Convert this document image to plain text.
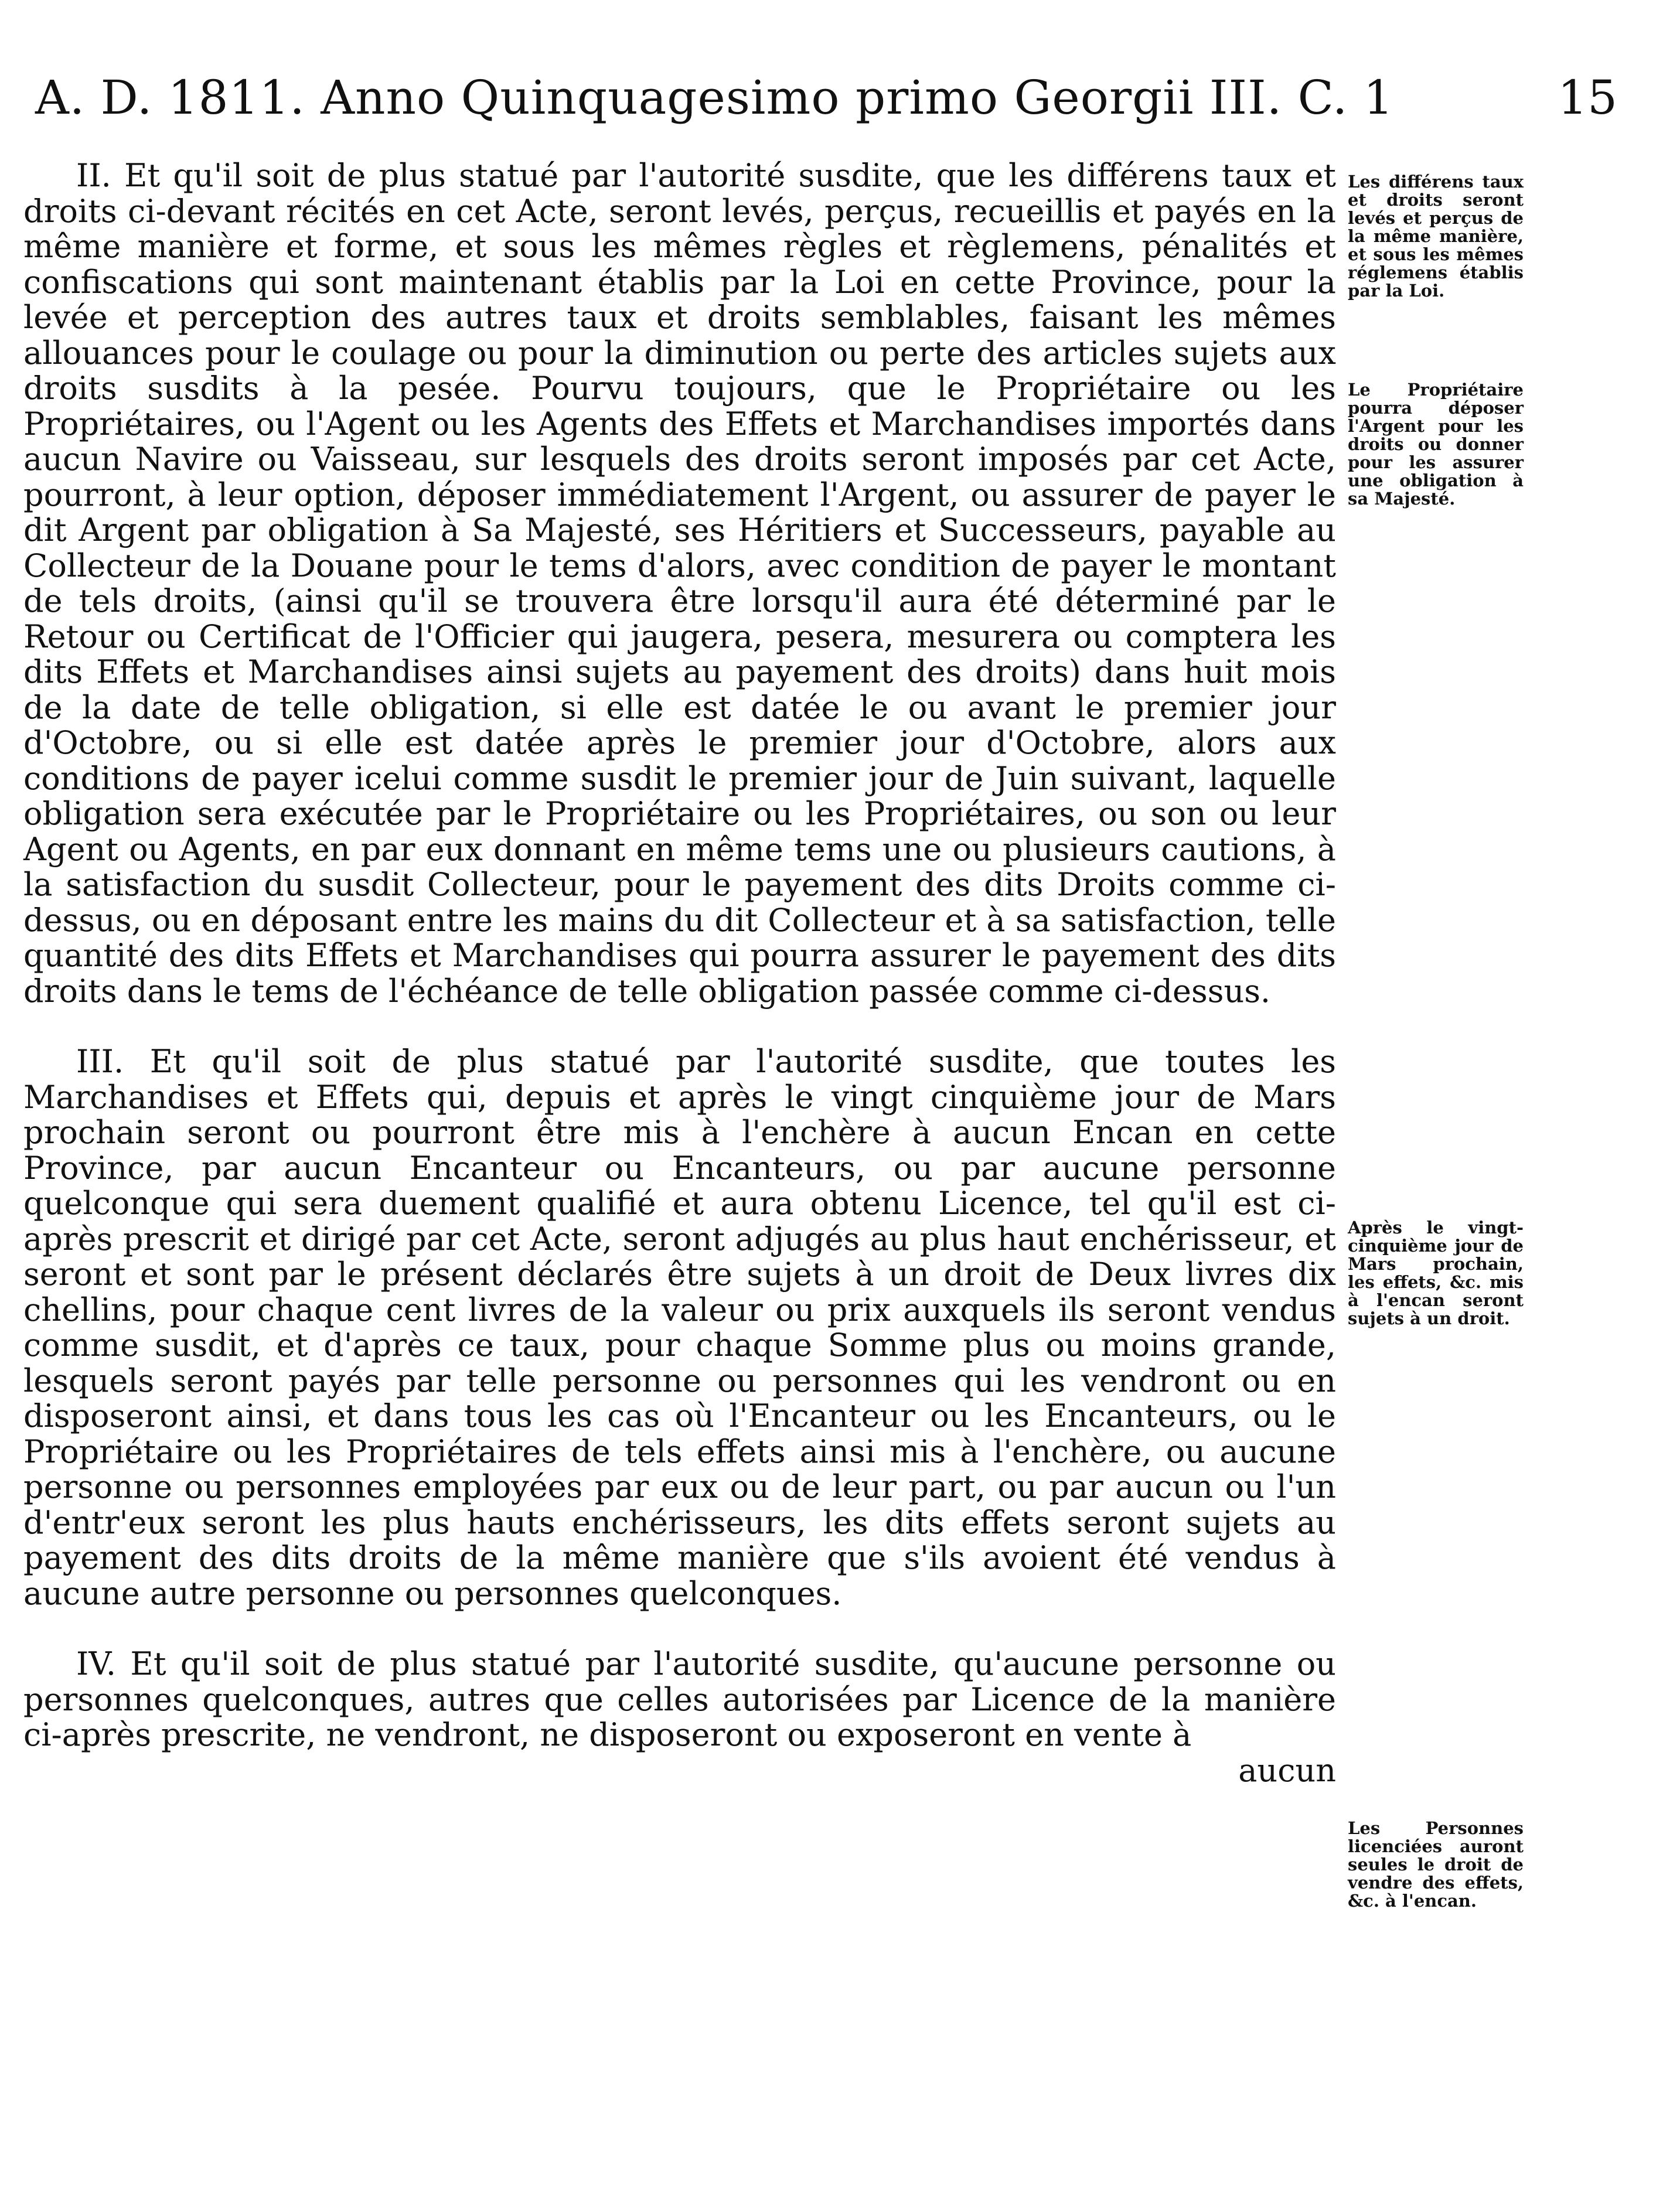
A. D. 1811. Anno Quinquagesimo primo Georgii III. C. 1	15

II. Et qu'il soit de plus statué par l'autorité susdite, que les différens taux et droits ci-devant récités en cet Acte, seront levés, perçus, recueillis et payés en la même manière et forme, et sous les mêmes règles et règlemens, pénalités et confiscations qui sont maintenant établis par la Loi en cette Province, pour la levée et perception des autres taux et droits semblables, faisant les mêmes allouances pour le coulage ou pour la diminution ou perte des articles sujets aux droits susdits à la pesée. Pourvu toujours, que le Propriétaire ou les Propriétaires, ou l'Agent ou les Agents des Effets et Marchandises importés dans aucun Navire ou Vaisseau, sur lesquels des droits seront imposés par cet Acte, pourront, à leur option, déposer immédiatement l'Argent, ou assurer de payer le dit Argent par obligation à Sa Majesté, ses Héritiers et Successeurs, payable au Collecteur de la Douane pour le tems d'alors, avec condition de payer le montant de tels droits, (ainsi qu'il se trouvera être lorsqu'il aura été déterminé par le Retour ou Certificat de l'Officier qui jaugera, pesera, mesurera ou comptera les dits Effets et Marchandises ainsi sujets au payement des droits) dans huit mois de la date de telle obligation, si elle est datée le ou avant le premier jour d'Octobre, ou si elle est datée après le premier jour d'Octobre, alors aux conditions de payer icelui comme susdit le premier jour de Juin suivant, laquelle obligation sera exécutée par le Propriétaire ou les Propriétaires, ou son ou leur Agent ou Agents, en par eux donnant en même tems une ou plusieurs cautions, à la satisfaction du susdit Collecteur, pour le payement des dits Droits comme ci-dessus, ou en déposant entre les mains du dit Collecteur et à sa satisfaction, telle quantité des dits Effets et Marchandises qui pourra assurer le payement des dits droits dans le tems de l'échéance de telle obligation passée comme ci-dessus.

III. Et qu'il soit de plus statué par l'autorité susdite, que toutes les Marchandises et Effets qui, depuis et après le vingt cinquième jour de Mars prochain seront ou pourront être mis à l'enchère à aucun Encan en cette Province, par aucun Encanteur ou Encanteurs, ou par aucune personne quelconque qui sera duement qualifié et aura obtenu Licence, tel qu'il est ci-après prescrit et dirigé par cet Acte, seront adjugés au plus haut enchérisseur, et seront et sont par le présent déclarés être sujets à un droit de Deux livres dix chellins, pour chaque cent livres de la valeur ou prix auxquels ils seront vendus comme susdit, et d'après ce taux, pour chaque Somme plus ou moins grande, lesquels seront payés par telle personne ou personnes qui les vendront ou en disposeront ainsi, et dans tous les cas où l'Encanteur ou les Encanteurs, ou le Propriétaire ou les Propriétaires de tels effets ainsi mis à l'enchère, ou aucune personne ou personnes employées par eux ou de leur part, ou par aucun ou l'un d'entr'eux seront les plus hauts enchérisseurs, les dits effets seront sujets au payement des dits droits de la même manière que s'ils avoient été vendus à aucune autre personne ou personnes quelconques.

IV. Et qu'il soit de plus statué par l'autorité susdite, qu'aucune personne ou personnes quelconques, autres que celles autorisées par Licence de la manière ci-après prescrite, ne vendront, ne disposeront ou exposeront en vente à
aucun

Les différens taux et droits seront levés et perçus de la même manière, et sous les mêmes réglemens établis par la Loi.

Le Propriétaire pourra déposer l'Argent pour les droits ou donner pour les assurer une obligation à sa Majesté.

Après le vingt-cinquième jour de Mars prochain, les effets, &c. mis à l'encan seront sujets à un droit.

Les Personnes licenciées auront seules le droit de vendre des effets, &c. à l'encan.
